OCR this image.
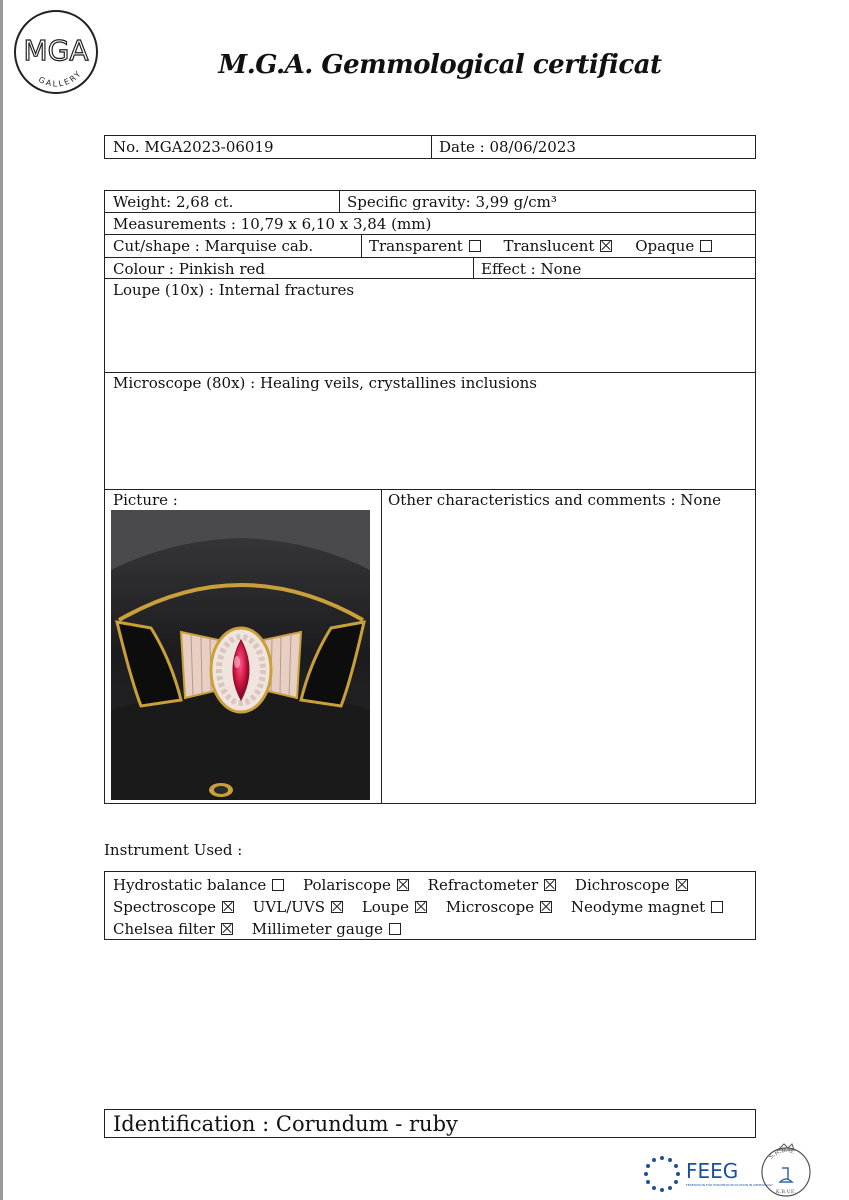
MGA
GALLERY	M.G.A. Gemmological certificat
No. MGA2023-06019	Date : 08/06/2023
Weight: 2,68 ct.	Specific gravity: 3,99 g/cm³
Measurements : 10,79 x 6,10 x 3,84 (mm)
Cut/shape : Marquise cab.	Transparent	Translucent	Opaque
Colour : Pinkish red	Effect : None
Loupe (10x) : Internal fractures
Microscope (80x) : Healing veils, crystallines inclusions
Picture :	Other characteristics and comments : None
Instrument Used :
Hydrostatic balance Polariscope Refractometer Dichroscope
Spectroscope UVL/UVS Loupe Microscope Neodyme magnet
Chelsea filter Millimeter gauge
Identification : Corundum - ruby
FEEG
FEDERATION FOR EUROPEAN EDUCATION IN GEMMOLOGY
S.R.B.G.
K.B.V.E.
